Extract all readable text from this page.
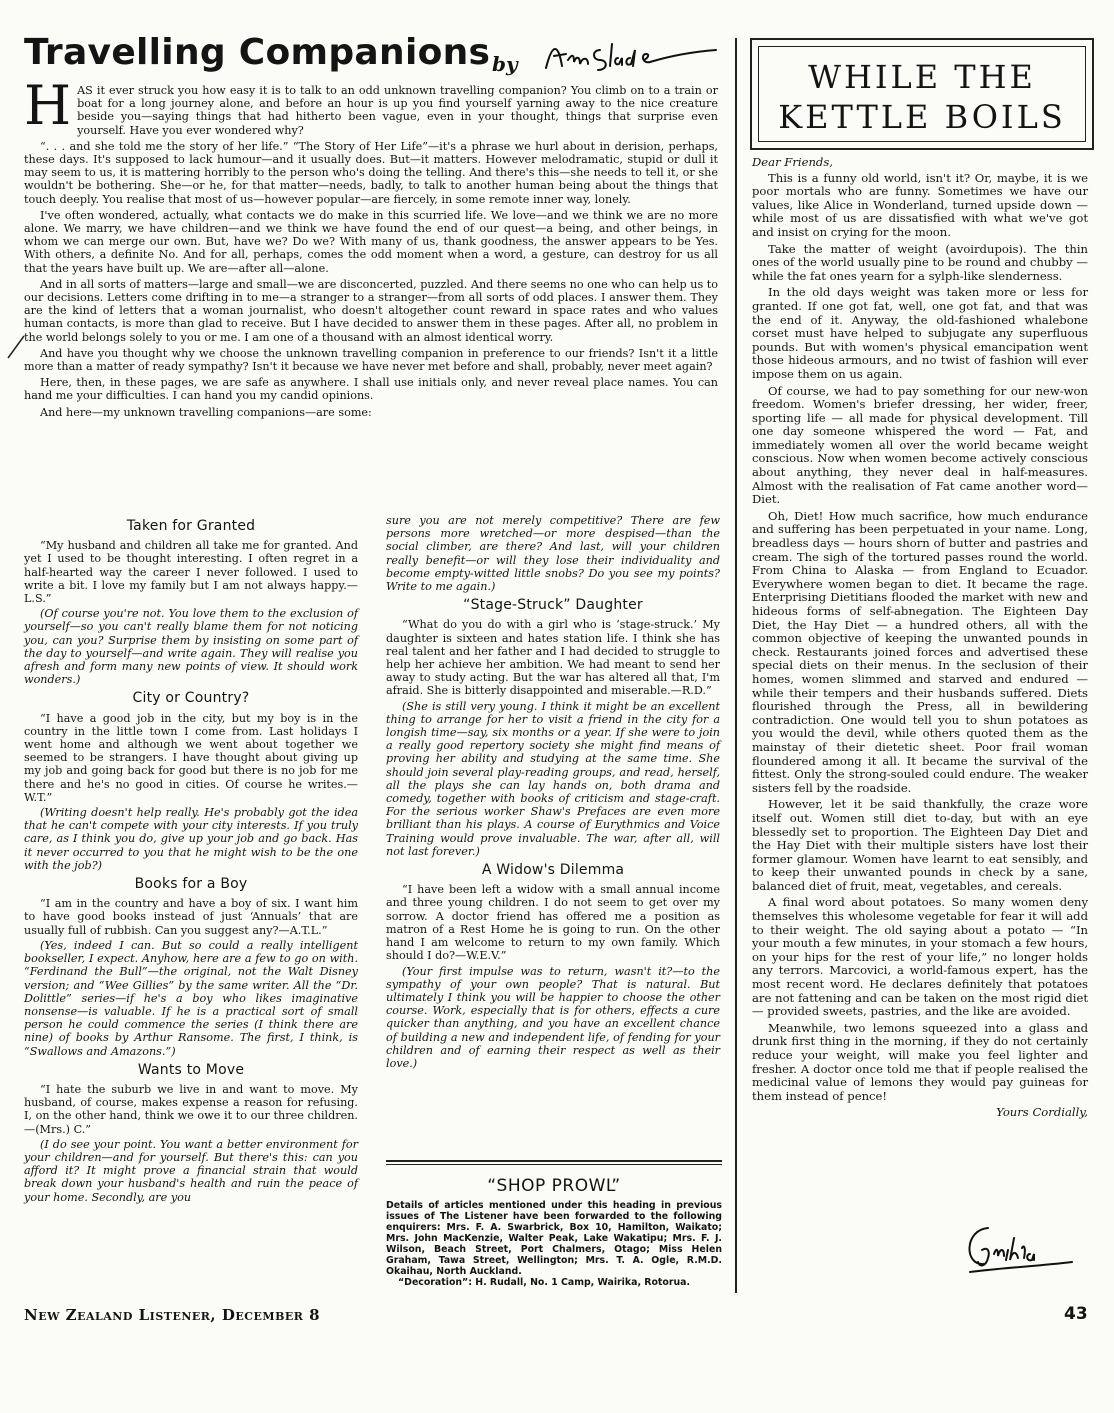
Travelling Companions by

HAS it ever struck you how easy it is to talk to an odd unknown travelling companion? You climb on to a train or boat for a long journey alone, and before an hour is up you find yourself yarning away to the nice creature beside you—saying things that had hitherto been vague, even in your thought, things that surprise even yourself. Have you ever wondered why?

“. . . and she told me the story of her life.” “The Story of Her Life”—it's a phrase we hurl about in derision, perhaps, these days. It's supposed to lack humour—and it usually does. But—it matters. However melodramatic, stupid or dull it may seem to us, it is mattering horribly to the person who's doing the telling. And there's this—she needs to tell it, or she wouldn't be bothering. She—or he, for that matter—needs, badly, to talk to another human being about the things that touch deeply. You realise that most of us—however popular—are fiercely, in some remote inner way, lonely.

I've often wondered, actually, what contacts we do make in this scurried life. We love—and we think we are no more alone. We marry, we have children—and we think we have found the end of our quest—a being, and other beings, in whom we can merge our own. But, have we? Do we? With many of us, thank goodness, the answer appears to be Yes. With others, a definite No. And for all, perhaps, comes the odd moment when a word, a gesture, can destroy for us all that the years have built up. We are—after all—alone.

And in all sorts of matters—large and small—we are disconcerted, puzzled. And there seems no one who can help us to our decisions. Letters come drifting in to me—a stranger to a stranger—from all sorts of odd places. I answer them. They are the kind of letters that a woman journalist, who doesn't altogether count reward in space rates and who values human contacts, is more than glad to receive. But I have decided to answer them in these pages. After all, no problem in the world belongs solely to you or me. I am one of a thousand with an almost identical worry.

And have you thought why we choose the unknown travelling companion in preference to our friends? Isn't it a little more than a matter of ready sympathy? Isn't it because we have never met before and shall, probably, never meet again?

Here, then, in these pages, we are safe as anywhere. I shall use initials only, and never reveal place names. You can hand me your difficulties. I can hand you my candid opinions.

And here—my unknown travelling companions—are some:

Taken for Granted

“My husband and children all take me for granted. And yet I used to be thought interesting. I often regret in a half-hearted way the career I never followed. I used to write a bit. I love my family but I am not always happy.—L.S.”

(Of course you're not. You love them to the exclusion of yourself—so you can't really blame them for not noticing you, can you? Surprise them by insisting on some part of the day to yourself—and write again. They will realise you afresh and form many new points of view. It should work wonders.)

City or Country?

“I have a good job in the city, but my boy is in the country in the little town I come from. Last holidays I went home and although we went about together we seemed to be strangers. I have thought about giving up my job and going back for good but there is no job for me there and he's no good in cities. Of course he writes.—W.T.”

(Writing doesn't help really. He's probably got the idea that he can't compete with your city interests. If you truly care, as I think you do, give up your job and go back. Has it never occurred to you that he might wish to be the one with the job?)

Books for a Boy

“I am in the country and have a boy of six. I want him to have good books instead of just ‘Annuals’ that are usually full of rubbish. Can you suggest any?—A.T.L.”

(Yes, indeed I can. But so could a really intelligent bookseller, I expect. Anyhow, here are a few to go on with. “Ferdinand the Bull”—the original, not the Walt Disney version; and “Wee Gillies” by the same writer. All the “Dr. Dolittle” series—if he's a boy who likes imaginative nonsense—is valuable. If he is a practical sort of small person he could commence the series (I think there are nine) of books by Arthur Ransome. The first, I think, is “Swallows and Amazons.”)

Wants to Move

“I hate the suburb we live in and want to move. My husband, of course, makes expense a reason for refusing. I, on the other hand, think we owe it to our three children.—(Mrs.) C.”

(I do see your point. You want a better environment for your children—and for yourself. But there's this: can you afford it? It might prove a financial strain that would break down your husband's health and ruin the peace of your home. Secondly, are you

sure you are not merely competitive? There are few persons more wretched—or more despised—than the social climber, are there? And last, will your children really benefit—or will they lose their individuality and become empty-witted little snobs? Do you see my points? Write to me again.)

“Stage-Struck” Daughter

“What do you do with a girl who is ‘stage-struck.’ My daughter is sixteen and hates station life. I think she has real talent and her father and I had decided to struggle to help her achieve her ambition. We had meant to send her away to study acting. But the war has altered all that, I'm afraid. She is bitterly disappointed and miserable.—R.D.”

(She is still very young. I think it might be an excellent thing to arrange for her to visit a friend in the city for a longish time—say, six months or a year. If she were to join a really good repertory society she might find means of proving her ability and studying at the same time. She should join several play-reading groups, and read, herself, all the plays she can lay hands on, both drama and comedy, together with books of criticism and stage-craft. For the serious worker Shaw's Prefaces are even more brilliant than his plays. A course of Eurythmics and Voice Training would prove invaluable. The war, after all, will not last forever.)

A Widow's Dilemma

“I have been left a widow with a small annual income and three young children. I do not seem to get over my sorrow. A doctor friend has offered me a position as matron of a Rest Home he is going to run. On the other hand I am welcome to return to my own family. Which should I do?—W.E.V.”

(Your first impulse was to return, wasn't it?—to the sympathy of your own people? That is natural. But ultimately I think you will be happier to choose the other course. Work, especially that is for others, effects a cure quicker than anything, and you have an excellent chance of building a new and independent life, of fending for your children and of earning their respect as well as their love.)

“SHOP PROWL”

Details of articles mentioned under this heading in previous issues of The Listener have been forwarded to the following enquirers: Mrs. F. A. Swarbrick, Box 10, Hamilton, Waikato; Mrs. John MacKenzie, Walter Peak, Lake Wakatipu; Mrs. F. J. Wilson, Beach Street, Port Chalmers, Otago; Miss Helen Graham, Tawa Street, Wellington; Mrs. T. A. Ogle, R.M.D. Okaihau, North Auckland.

“Decoration”: H. Rudall, No. 1 Camp, Wairika, Rotorua.

WHILE THE
KETTLE BOILS

Dear Friends,

This is a funny old world, isn't it? Or, maybe, it is we poor mortals who are funny. Sometimes we have our values, like Alice in Wonderland, turned upside down — while most of us are dissatisfied with what we've got and insist on crying for the moon.

Take the matter of weight (avoirdupois). The thin ones of the world usually pine to be round and chubby — while the fat ones yearn for a sylph-like slenderness.

In the old days weight was taken more or less for granted. If one got fat, well, one got fat, and that was the end of it. Anyway, the old-fashioned whalebone corset must have helped to subjugate any superfluous pounds. But with women's physical emancipation went those hideous armours, and no twist of fashion will ever impose them on us again.

Of course, we had to pay something for our new-won freedom. Women's briefer dressing, her wider, freer, sporting life — all made for physical development. Till one day someone whispered the word — Fat, and immediately women all over the world became weight conscious. Now when women become actively conscious about anything, they never deal in half-measures. Almost with the realisation of Fat came another word—Diet.

Oh, Diet! How much sacrifice, how much endurance and suffering has been perpetuated in your name. Long, breadless days — hours shorn of butter and pastries and cream. The sigh of the tortured passes round the world. From China to Alaska — from England to Ecuador. Everywhere women began to diet. It became the rage. Enterprising Dietitians flooded the market with new and hideous forms of self-abnegation. The Eighteen Day Diet, the Hay Diet — a hundred others, all with the common objective of keeping the unwanted pounds in check. Restaurants joined forces and advertised these special diets on their menus. In the seclusion of their homes, women slimmed and starved and endured — while their tempers and their husbands suffered. Diets flourished through the Press, all in bewildering contradiction. One would tell you to shun potatoes as you would the devil, while others quoted them as the mainstay of their dietetic sheet. Poor frail woman floundered among it all. It became the survival of the fittest. Only the strong-souled could endure. The weaker sisters fell by the roadside.

However, let it be said thankfully, the craze wore itself out. Women still diet to-day, but with an eye blessedly set to proportion. The Eighteen Day Diet and the Hay Diet with their multiple sisters have lost their former glamour. Women have learnt to eat sensibly, and to keep their unwanted pounds in check by a sane, balanced diet of fruit, meat, vegetables, and cereals.

A final word about potatoes. So many women deny themselves this wholesome vegetable for fear it will add to their weight. The old saying about a potato — “In your mouth a few minutes, in your stomach a few hours, on your hips for the rest of your life,” no longer holds any terrors. Marcovici, a world-famous expert, has the most recent word. He declares definitely that potatoes are not fattening and can be taken on the most rigid diet — provided sweets, pastries, and the like are avoided.

Meanwhile, two lemons squeezed into a glass and drunk first thing in the morning, if they do not certainly reduce your weight, will make you feel lighter and fresher. A doctor once told me that if people realised the medicinal value of lemons they would pay guineas for them instead of pence!

Yours Cordially,

New Zealand Listener, December 8	43
